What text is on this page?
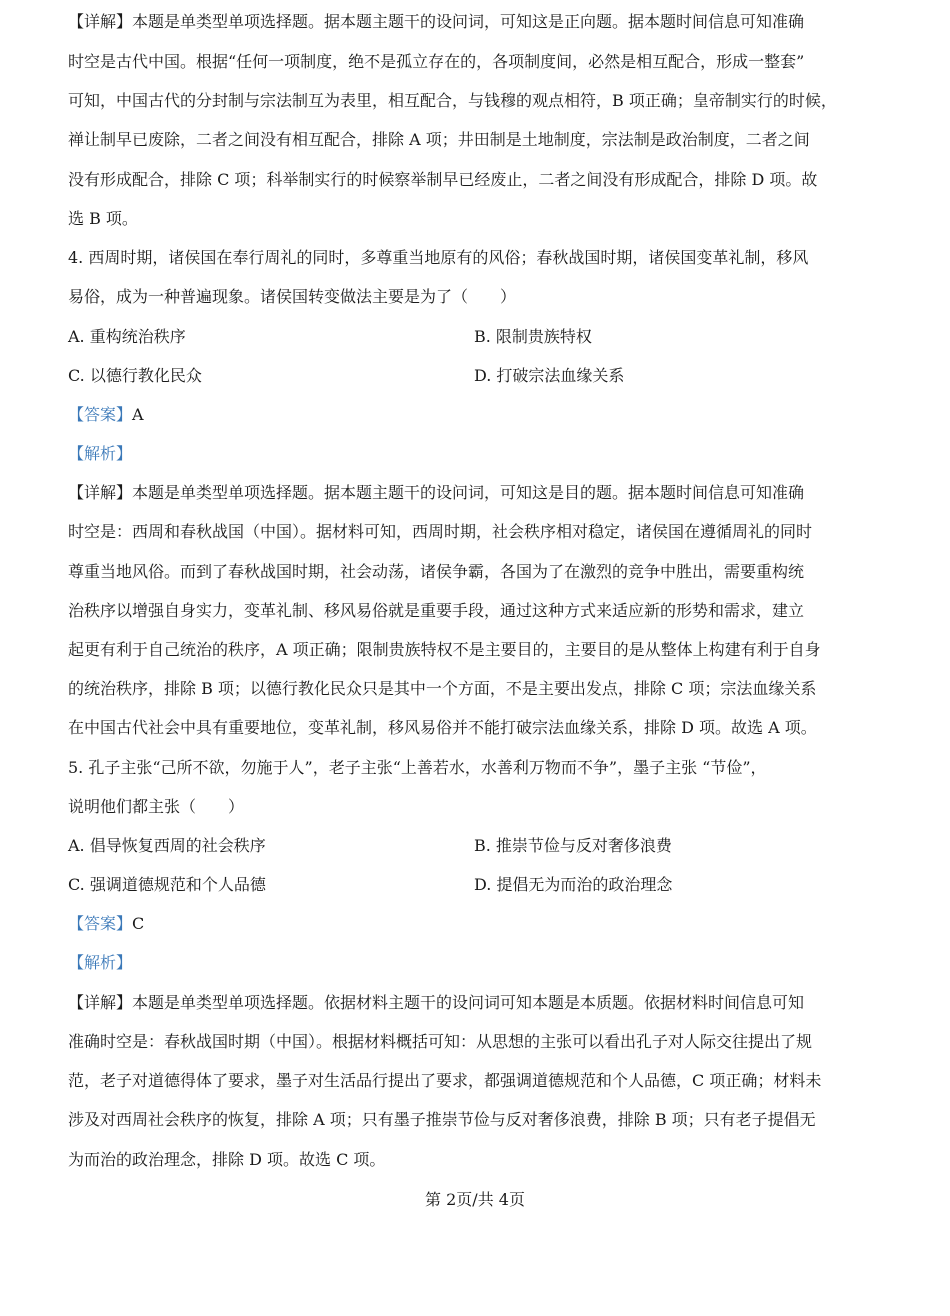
【详解】本题是单类型单项选择题。据本题主题干的设问词，可知这是正向题。据本题时间信息可知准确
时空是古代中国。根据“任何一项制度，绝不是孤立存在的，各项制度间，必然是相互配合，形成一整套”
可知，中国古代的分封制与宗法制互为表里，相互配合，与钱穆的观点相符，B 项正确；皇帝制实行的时候，
禅让制早已废除，二者之间没有相互配合，排除 A 项；井田制是土地制度，宗法制是政治制度，二者之间
没有形成配合，排除 C 项；科举制实行的时候察举制早已经废止，二者之间没有形成配合，排除 D 项。故
选 B 项。
4. 西周时期，诸侯国在奉行周礼的同时，多尊重当地原有的风俗；春秋战国时期，诸侯国变革礼制，移风
易俗，成为一种普遍现象。诸侯国转变做法主要是为了（　　）
A. 重构统治秩序	B. 限制贵族特权
C. 以德行教化民众	D. 打破宗法血缘关系
【答案】A
【解析】
【详解】本题是单类型单项选择题。据本题主题干的设问词，可知这是目的题。据本题时间信息可知准确
时空是：西周和春秋战国（中国）。据材料可知，西周时期，社会秩序相对稳定，诸侯国在遵循周礼的同时
尊重当地风俗。而到了春秋战国时期，社会动荡，诸侯争霸，各国为了在激烈的竞争中胜出，需要重构统
治秩序以增强自身实力，变革礼制、移风易俗就是重要手段，通过这种方式来适应新的形势和需求，建立
起更有利于自己统治的秩序，A 项正确；限制贵族特权不是主要目的，主要目的是从整体上构建有利于自身
的统治秩序，排除 B 项；以德行教化民众只是其中一个方面，不是主要出发点，排除 C 项；宗法血缘关系
在中国古代社会中具有重要地位，变革礼制，移风易俗并不能打破宗法血缘关系，排除 D 项。故选 A 项。
5. 孔子主张“己所不欲，勿施于人”，老子主张“上善若水，水善利万物而不争”，墨子主张 “节俭”，
说明他们都主张（　　）
A. 倡导恢复西周的社会秩序	B. 推崇节俭与反对奢侈浪费
C. 强调道德规范和个人品德	D. 提倡无为而治的政治理念
【答案】C
【解析】
【详解】本题是单类型单项选择题。依据材料主题干的设问词可知本题是本质题。依据材料时间信息可知
准确时空是：春秋战国时期（中国）。根据材料概括可知：从思想的主张可以看出孔子对人际交往提出了规
范，老子对道德得体了要求，墨子对生活品行提出了要求，都强调道德规范和个人品德，C 项正确；材料未
涉及对西周社会秩序的恢复，排除 A 项；只有墨子推崇节俭与反对奢侈浪费，排除 B 项；只有老子提倡无
为而治的政治理念，排除 D 项。故选 C 项。
第 2页/共 4页
